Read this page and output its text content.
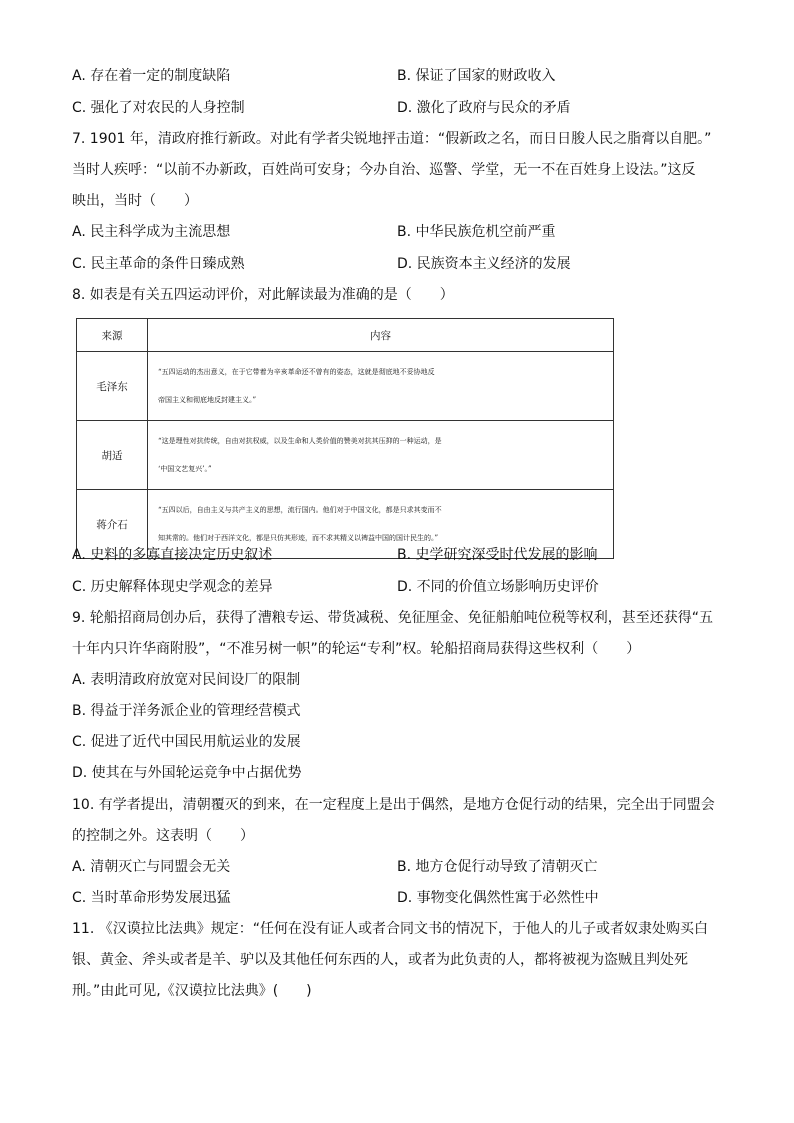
A. 存在着一定的制度缺陷	B. 保证了国家的财政收入
C. 强化了对农民的人身控制	D. 激化了政府与民众的矛盾
7. 1901 年，清政府推行新政。对此有学者尖锐地抨击道：“假新政之名，而日日朘人民之脂膏以自肥。”
当时人疾呼：“以前不办新政，百姓尚可安身；今办自治、巡警、学堂，无一不在百姓身上设法。”这反
映出，当时（　　）
A. 民主科学成为主流思想	B. 中华民族危机空前严重
C. 民主革命的条件日臻成熟	D. 民族资本主义经济的发展
8. 如表是有关五四运动评价，对此解读最为准确的是（　　）
来源	内容
毛泽东	“五四运动的杰出意义，在于它带着为辛亥革命还不曾有的姿态，这就是彻底地不妥协地反
帝国主义和彻底地反封建主义。”

胡适	“这是理性对抗传统，自由对抗权威，以及生命和人类价值的赞美对抗其压抑的一种运动，是
‘中国文艺复兴’。”

蒋介石	“五四以后，自由主义与共产主义的思想，流行国内。他们对于中国文化，都是只求其变而不
知其常的。他们对于西洋文化，都是只仿其形迹，而不求其精义以裨益中国的国计民生的。”
A. 史料的多寡直接决定历史叙述	B. 史学研究深受时代发展的影响
C. 历史解释体现史学观念的差异	D. 不同的价值立场影响历史评价
9. 轮船招商局创办后，获得了漕粮专运、带货减税、免征厘金、免征船舶吨位税等权利，甚至还获得“五
十年内只许华商附股”，“不准另树一帜”的轮运“专利”权。轮船招商局获得这些权利（　　）
A. 表明清政府放宽对民间设厂的限制
B. 得益于洋务派企业的管理经营模式
C. 促进了近代中国民用航运业的发展
D. 使其在与外国轮运竞争中占据优势
10. 有学者提出，清朝覆灭的到来，在一定程度上是出于偶然，是地方仓促行动的结果，完全出于同盟会
的控制之外。这表明（　　）
A. 清朝灭亡与同盟会无关	B. 地方仓促行动导致了清朝灭亡
C. 当时革命形势发展迅猛	D. 事物变化偶然性寓于必然性中
11. 《汉谟拉比法典》规定：“任何在没有证人或者合同文书的情况下，于他人的儿子或者奴隶处购买白
银、黄金、斧头或者是羊、驴以及其他任何东西的人，或者为此负责的人，都将被视为盗贼且判处死
刑。”由此可见,《汉谟拉比法典》(　　)
